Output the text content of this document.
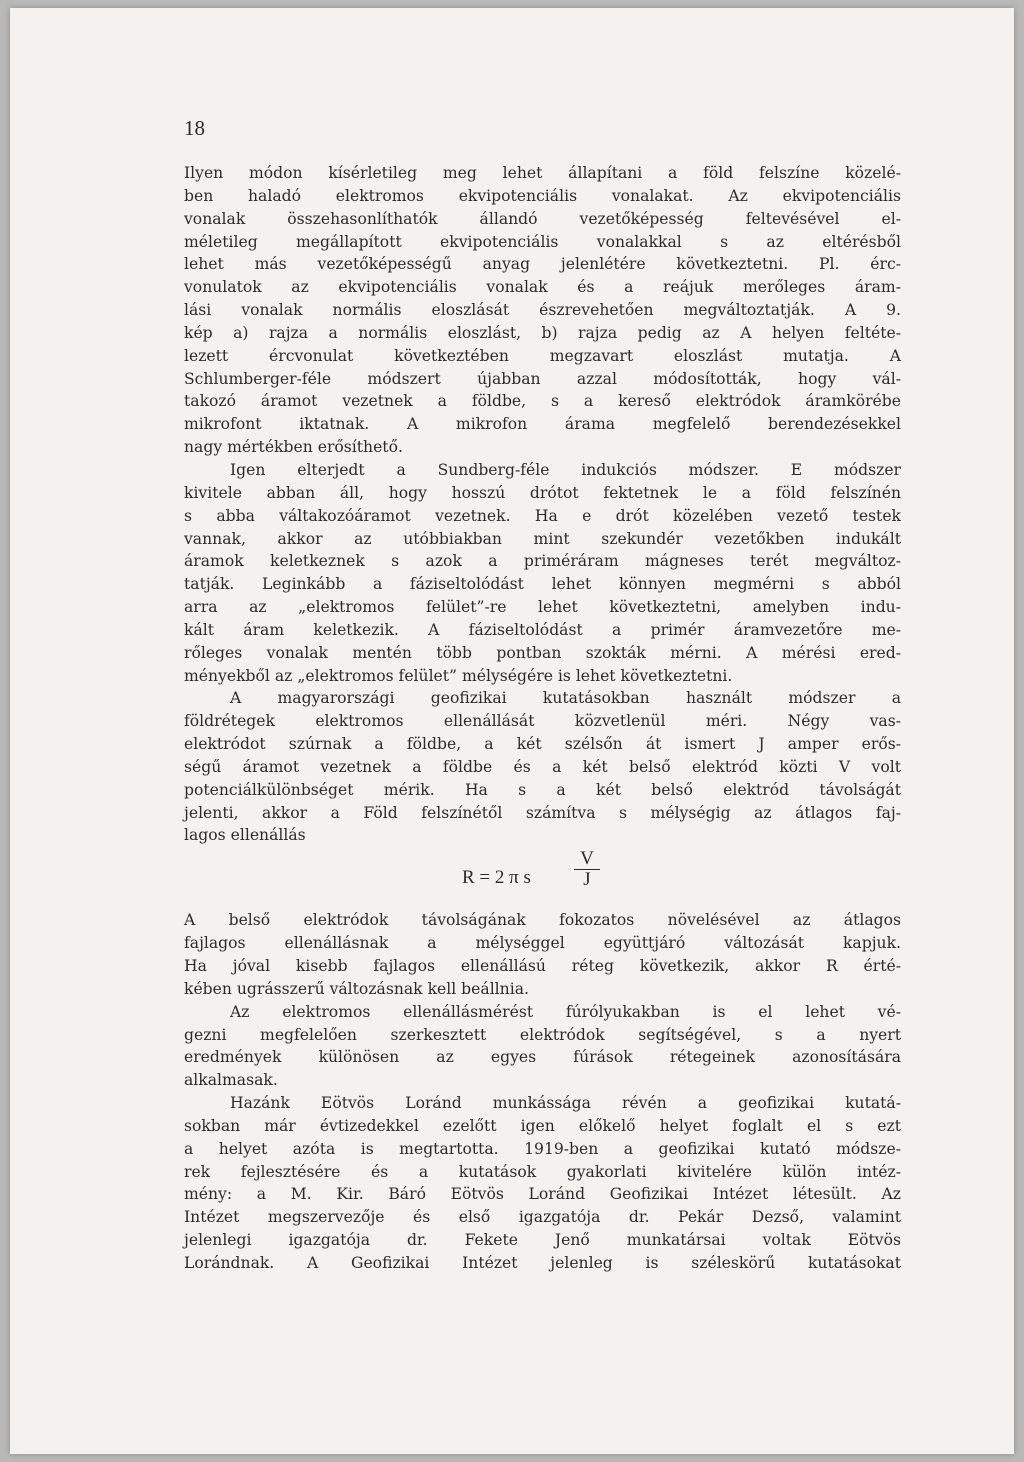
18

Ilyen módon kísérletileg meg lehet állapítani a föld felszíne közelé-

ben haladó elektromos ekvipotenciális vonalakat. Az ekvipotenciális

vonalak összehasonlíthatók állandó vezetőképesség feltevésével el-

méletileg megállapított ekvipotenciális vonalakkal s az eltérésből

lehet más vezetőképességű anyag jelenlétére következtetni. Pl. érc-

vonulatok az ekvipotenciális vonalak és a reájuk merőleges áram-

lási vonalak normális eloszlását észrevehetően megváltoztatják. A 9.

kép a) rajza a normális eloszlást, b) rajza pedig az A helyen feltéte-

lezett ércvonulat következtében megzavart eloszlást mutatja. A

Schlumberger-féle módszert újabban azzal módosították, hogy vál-

takozó áramot vezetnek a földbe, s a kereső elektródok áramkörébe

mikrofont iktatnak. A mikrofon árama megfelelő berendezésekkel

nagy mértékben erősíthető.

Igen elterjedt a Sundberg-féle indukciós módszer. E módszer

kivitele abban áll, hogy hosszú drótot fektetnek le a föld felszínén

s abba váltakozóáramot vezetnek. Ha e drót közelében vezető testek

vannak, akkor az utóbbiakban mint szekundér vezetőkben indukált

áramok keletkeznek s azok a priméráram mágneses terét megváltoz-

tatják. Leginkább a fáziseltolódást lehet könnyen megmérni s abból

arra az „elektromos felület”-re lehet következtetni, amelyben indu-

kált áram keletkezik. A fáziseltolódást a primér áramvezetőre me-

rőleges vonalak mentén több pontban szokták mérni. A mérési ered-

ményekből az „elektromos felület” mélységére is lehet következtetni.

A magyarországi geofizikai kutatásokban használt módszer a

földrétegek elektromos ellenállását közvetlenül méri. Négy vas-

elektródot szúrnak a földbe, a két szélsőn át ismert J amper erős-

ségű áramot vezetnek a földbe és a két belső elektród közti V volt

potenciálkülönbséget mérik. Ha s a két belső elektród távolságát

jelenti, akkor a Föld felszínétől számítva s mélységig az átlagos faj-

lagos ellenállás

R = 2 π s $\frac{V}{J}$

A belső elektródok távolságának fokozatos növelésével az átlagos

fajlagos ellenállásnak a mélységgel együttjáró változását kapjuk.

Ha jóval kisebb fajlagos ellenállású réteg következik, akkor R érté-

kében ugrásszerű változásnak kell beállnia.

Az elektromos ellenállásmérést fúrólyukakban is el lehet vé-

gezni megfelelően szerkesztett elektródok segítségével, s a nyert

eredmények különösen az egyes fúrások rétegeinek azonosítására

alkalmasak.

Hazánk Eötvös Loránd munkássága révén a geofizikai kutatá-

sokban már évtizedekkel ezelőtt igen előkelő helyet foglalt el s ezt

a helyet azóta is megtartotta. 1919-ben a geofizikai kutató módsze-

rek fejlesztésére és a kutatások gyakorlati kivitelére külön intéz-

mény: a M. Kir. Báró Eötvös Loránd Geofizikai Intézet létesült. Az

Intézet megszervezője és első igazgatója dr. Pekár Dezső, valamint

jelenlegi igazgatója dr. Fekete Jenő munkatársai voltak Eötvös

Lorándnak. A Geofizikai Intézet jelenleg is széleskörű kutatásokat
